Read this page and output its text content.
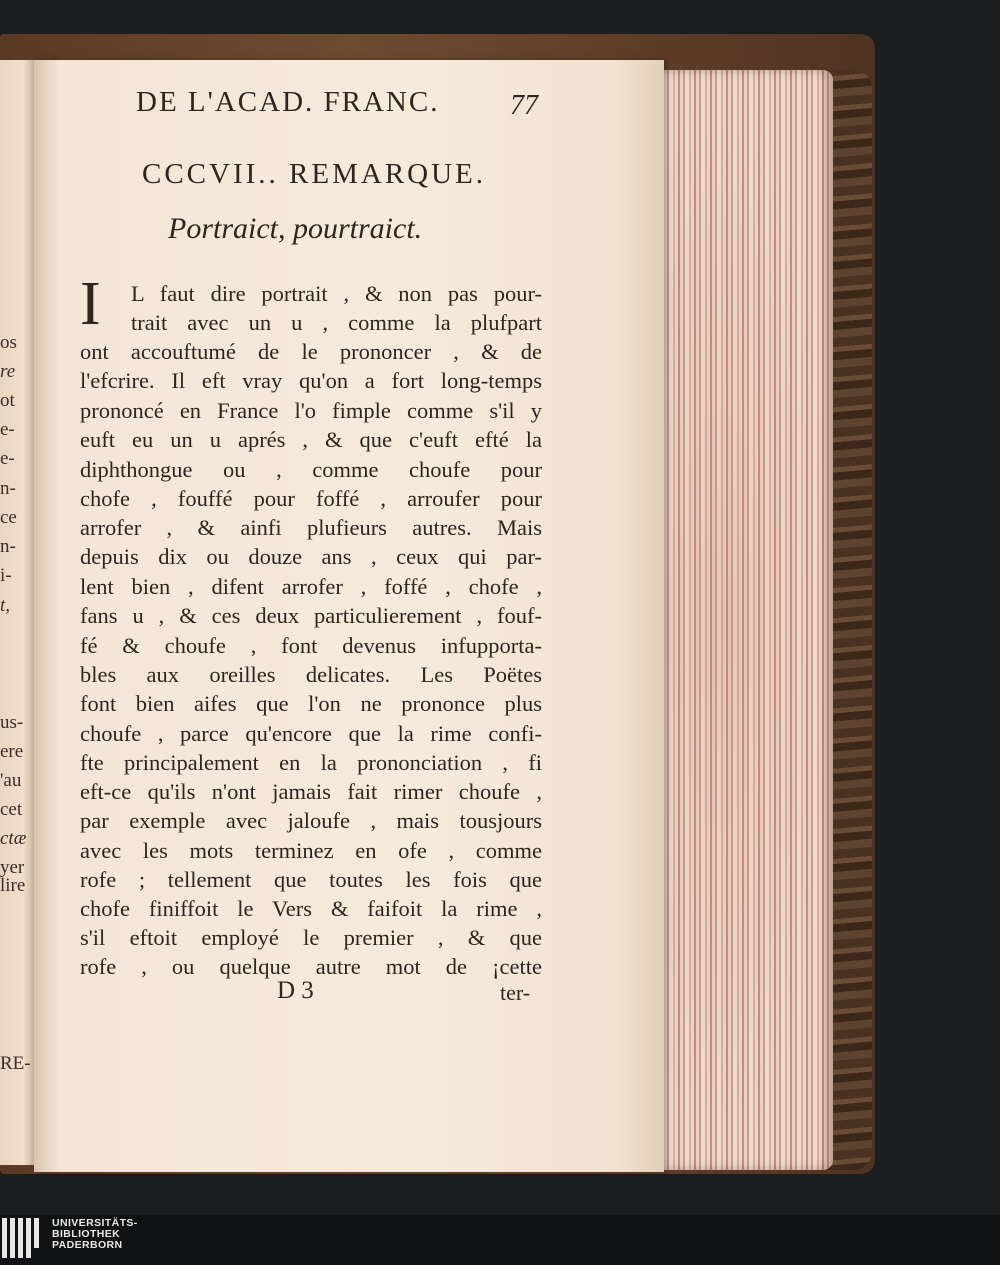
os
re
ot
e-
e-
n-
ce
n-
i-
t,
us-
ere
'au
cet
ctæ
yer
lire
RE-
DE L'ACAD. FRANC.	77
CCCVII.. REMARQUE.
Portraict, pourtraict.
I L faut dire portrait , & non pas pour-
trait avec un u , comme la plufpart
ont accouftumé de le prononcer , & de
l'efcrire. Il eft vray qu'on a fort long-temps
prononcé en France l'o fimple comme s'il y
euft eu un u aprés , & que c'euft efté la
diphthongue ou , comme choufe pour
chofe , fouffé pour foffé , arroufer pour
arrofer , & ainfi plufieurs autres. Mais
depuis dix ou douze ans , ceux qui par-
lent bien , difent arrofer , foffé , chofe ,
fans u , & ces deux particulierement , fouf-
fé & choufe , font devenus infupporta-
bles aux oreilles delicates. Les Poëtes
font bien aifes que l'on ne prononce plus
choufe , parce qu'encore que la rime confi-
fte principalement en la prononciation , fi
eft-ce qu'ils n'ont jamais fait rimer choufe ,
par exemple avec jaloufe , mais tousjours
avec les mots terminez en ofe , comme
rofe ; tellement que toutes les fois que
chofe finiffoit le Vers & faifoit la rime ,
s'il eftoit employé le premier , & que
rofe , ou quelque autre mot de ¡cette
D 3	ter-
UNIVERSITÄTS-
BIBLIOTHEK
PADERBORN
